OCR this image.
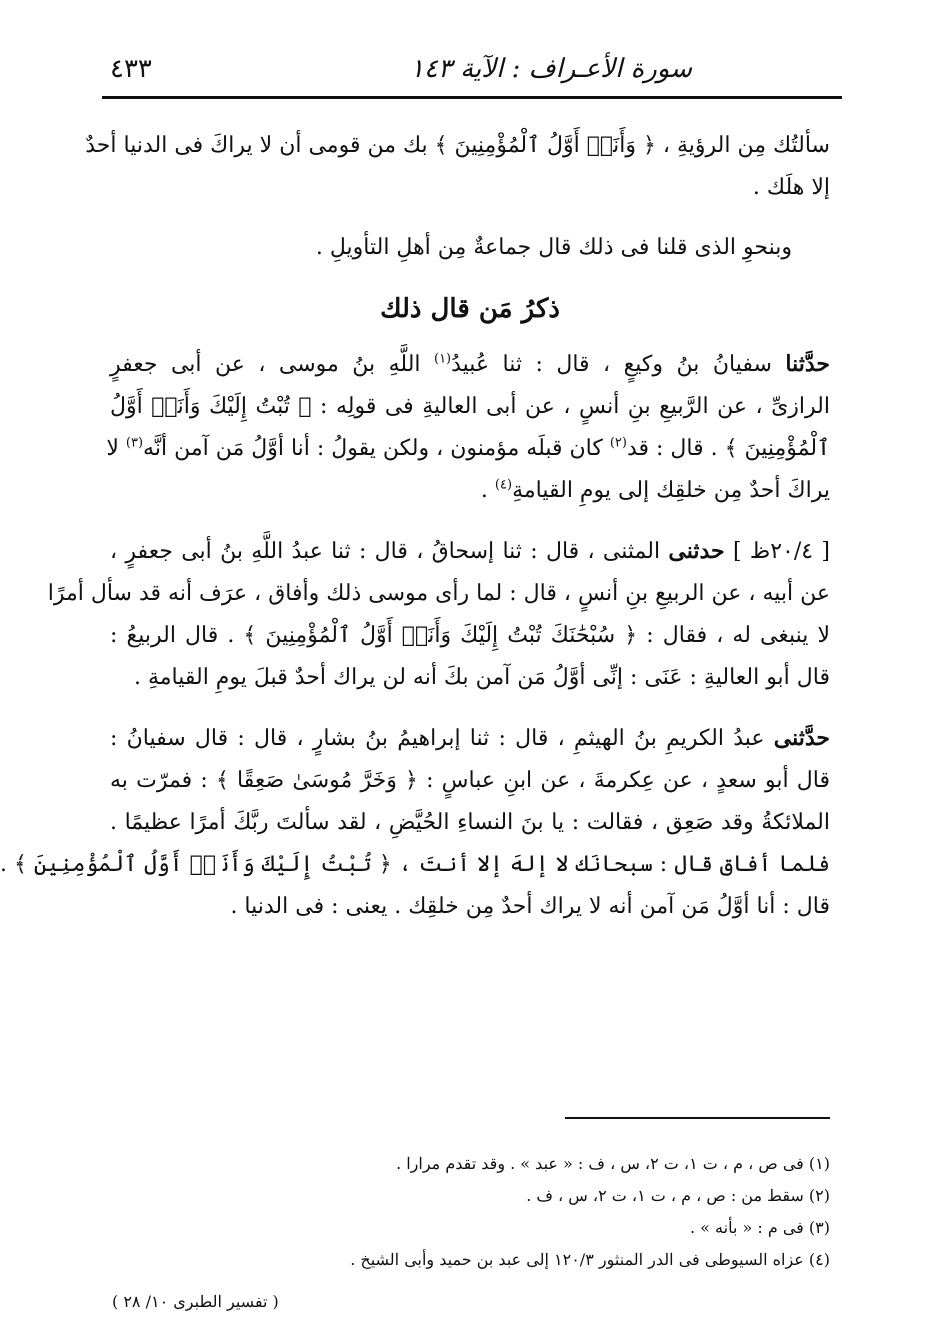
سورة الأعـراف : الآية ١٤٣
٤٣٣
سألتُك مِن الرؤيةِ ، ﴿ وَأَنَا۠ أَوَّلُ ٱلْمُؤْمِنِينَ ﴾ بك من قومى أن لا يراكَ فى الدنيا أحدٌ
إلا هلَك .
وبنحوِ الذى قلنا فى ذلك قال جماعةٌ مِن أهلِ التأويلِ .
ذكرُ مَن قال ذلك
حدَّثنا سفيانُ بنُ وكيعٍ ، قال : ثنا عُبيدُ$^{(١)}$ اللَّهِ بنُ موسى ، عن أبى جعفرٍ
الرازىِّ ، عن الرَّبيعِ بنِ أنسٍ ، عن أبى العاليةِ فى قولِه : ﴿ تُبْتُ إِلَيْكَ وَأَنَا۠ أَوَّلُ
ٱلْمُؤْمِنِينَ ﴾ . قال : قد$^{(٢)}$ كان قبلَه مؤمنون ، ولكن يقولُ : أنا أوَّلُ مَن آمن أنَّه$^{(٣)}$ لا
يراكَ أحدٌ مِن خلقِك إلى يومِ القيامةِ$^{(٤)}$ .
[ ٢٠/٤ظ ] حدثنى المثنى ، قال : ثنا إسحاقُ ، قال : ثنا عبدُ اللَّهِ بنُ أبى جعفرٍ ،
عن أبيه ، عن الربيعِ بنِ أنسٍ ، قال : لما رأى موسى ذلك وأفاق ، عرَف أنه قد سأل أمرًا
لا ينبغى له ، فقال : ﴿ سُبْحَٰنَكَ تُبْتُ إِلَيْكَ وَأَنَا۠ أَوَّلُ ٱلْمُؤْمِنِينَ ﴾ . قال الربيعُ :
قال أبو العاليةِ : عَنَى : إنِّى أوَّلُ مَن آمن بكَ أنه لن يراك أحدٌ قبلَ يومِ القيامةِ .
حدَّثنى عبدُ الكريمِ بنُ الهيثمِ ، قال : ثنا إبراهيمُ بنُ بشارٍ ، قال : قال سفيانُ :
قال أبو سعدٍ ، عن عِكرمةَ ، عن ابنِ عباسٍ : ﴿ وَخَرَّ مُوسَىٰ صَعِقًا ﴾ : فمرّت به
الملائكةُ وقد صَعِق ، فقالت : يا بنَ النساءِ الحُيَّضِ ، لقد سألتَ ربَّكَ أمرًا عظيمًا .
فلما أفاق قال : سبحانَك لا إلهَ إلا أنتَ ، ﴿ تُبْتُ إِلَيْكَ وَأَنَا۠ أَوَّلُ ٱلْمُؤْمِنِينَ ﴾ .
قال : أنا أوَّلُ مَن آمن أنه لا يراك أحدٌ مِن خلقِك . يعنى : فى الدنيا .
(١) فى ص ، م ، ت ١، ت ٢، س ، ف : « عبد » . وقد تقدم مرارا .
(٢) سقط من : ص ، م ، ت ١، ت ٢، س ، ف .
(٣) فى م : « بأنه » .
(٤) عزاه السيوطى فى الدر المنثور ١٢٠/٣ إلى عبد بن حميد وأبى الشيخ .
( تفسير الطبرى ١٠/ ٢٨ )
